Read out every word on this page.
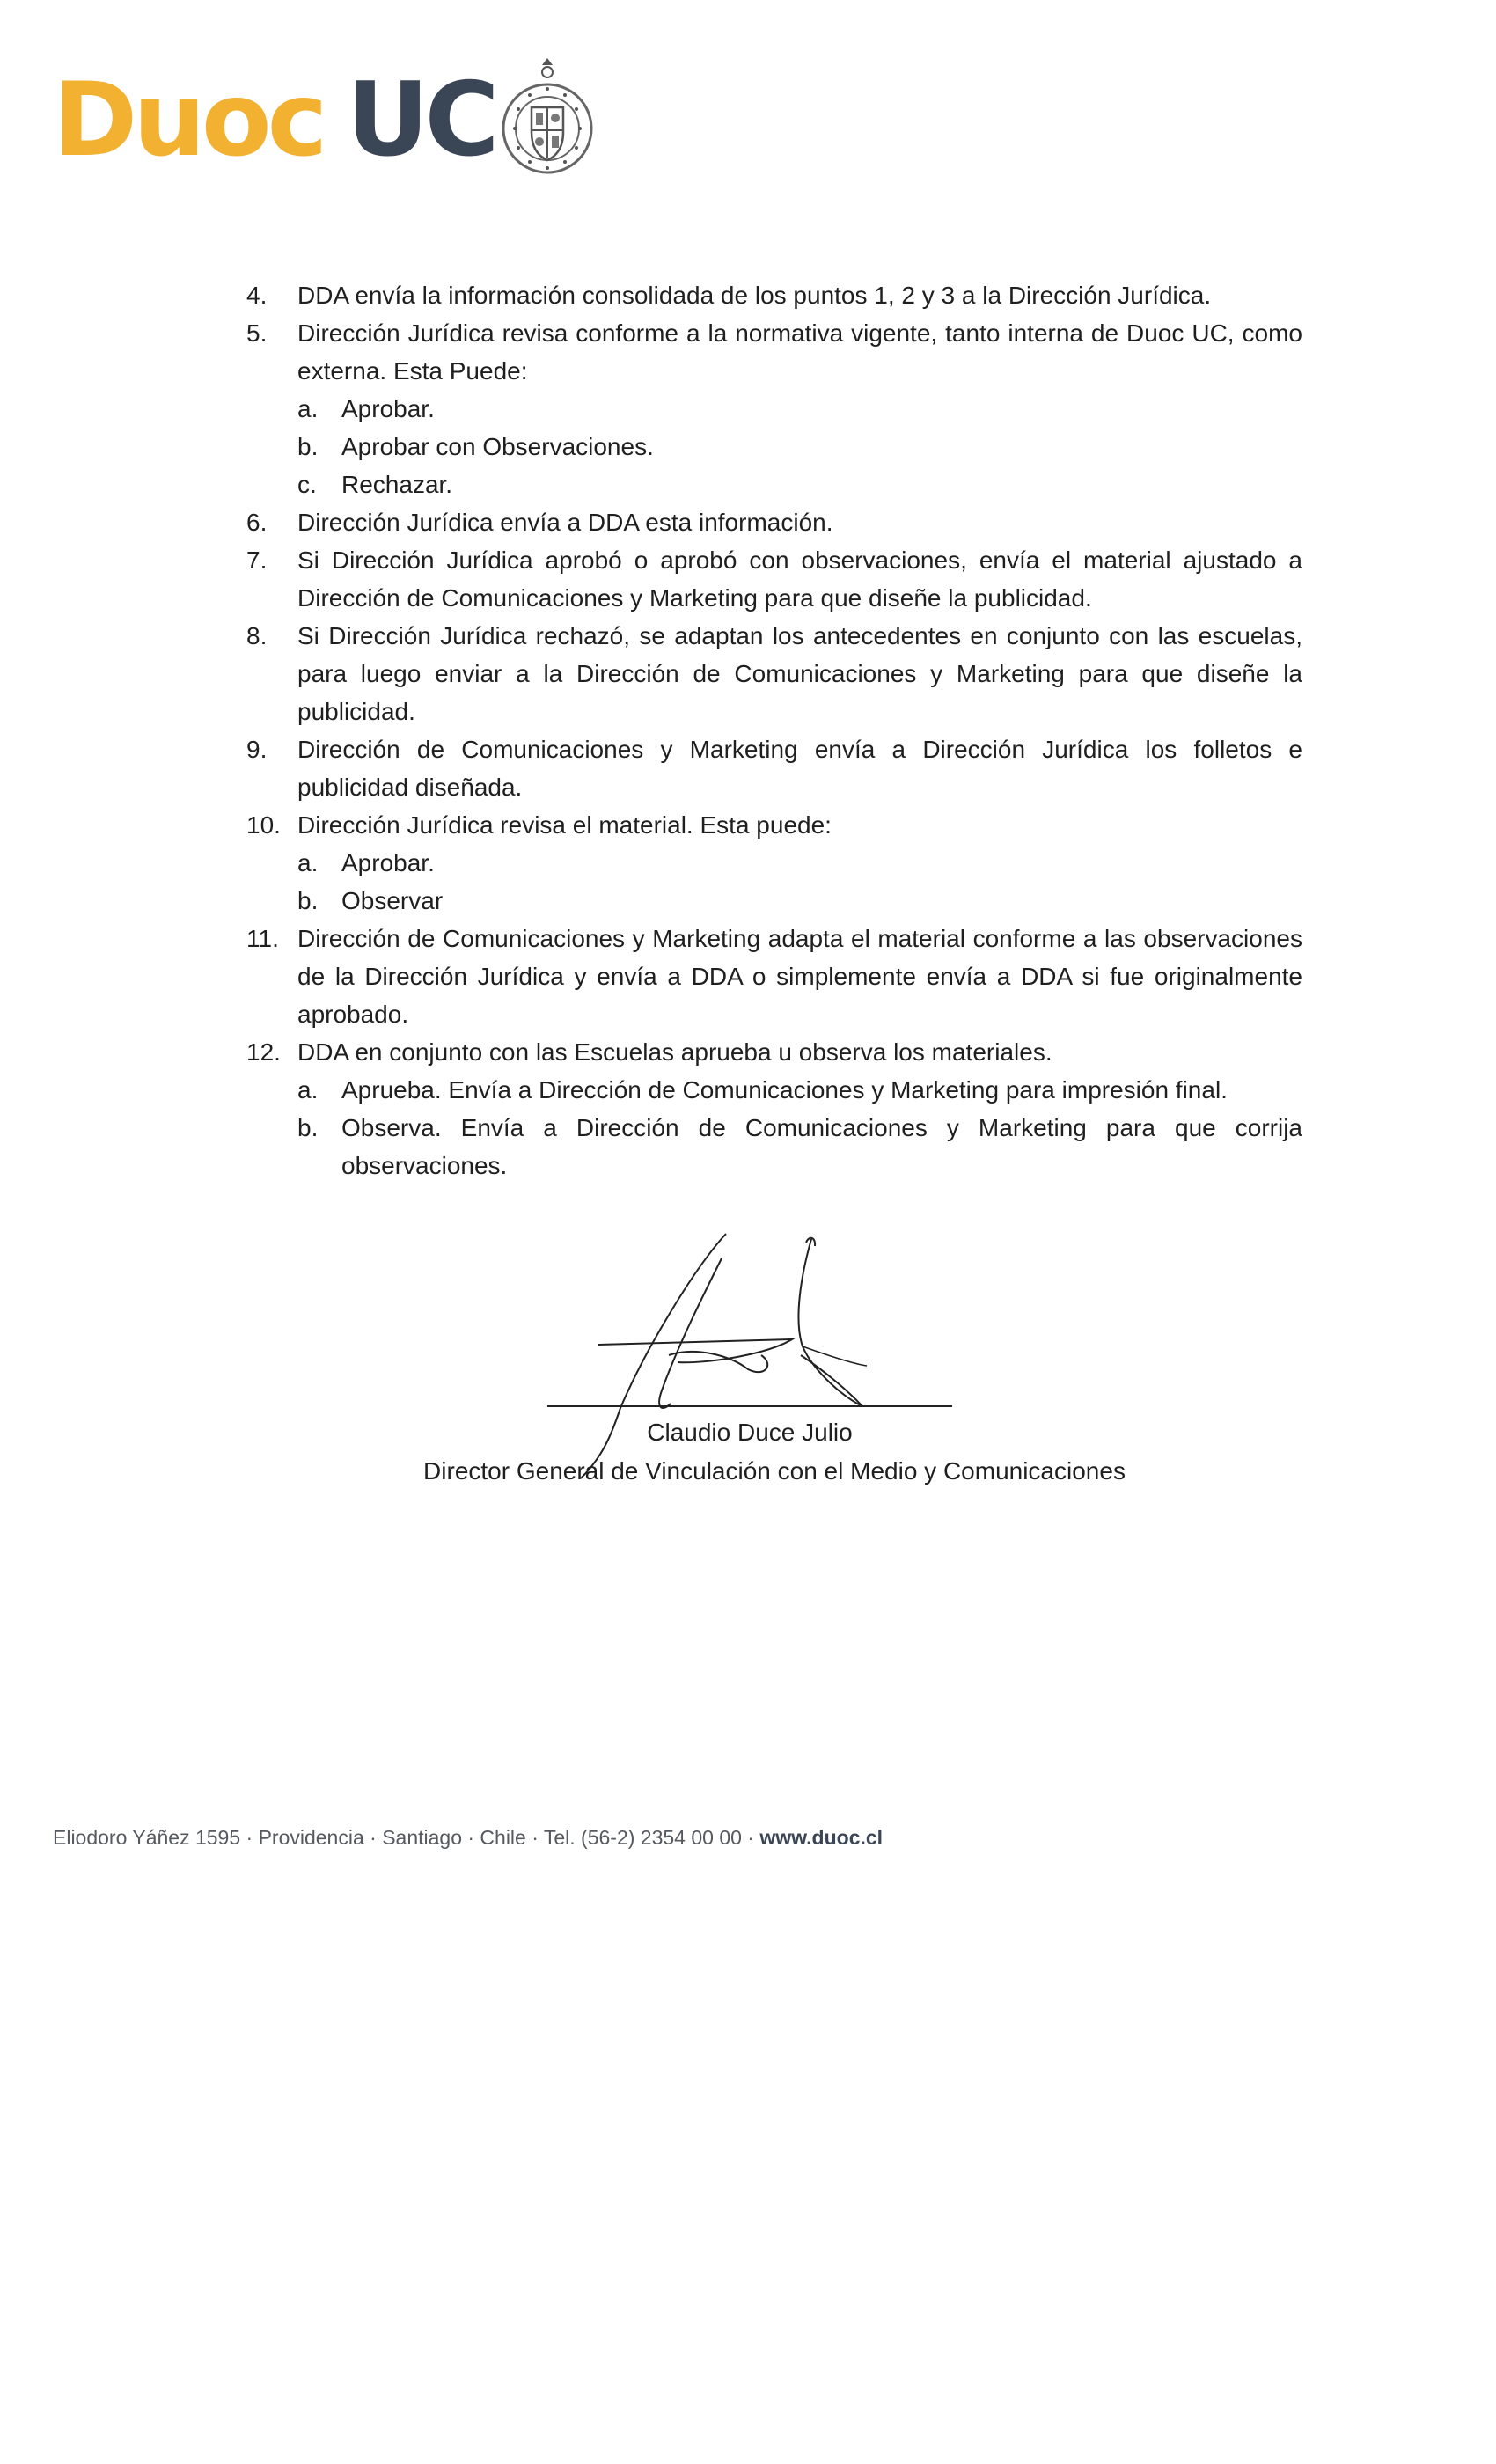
Duoc UC
4.	DDA envía la información consolidada de los puntos 1, 2 y 3 a la Dirección Jurídica.
5.	Dirección Jurídica revisa conforme a la normativa vigente, tanto interna de Duoc UC, como externa. Esta Puede:
a. Aprobar.
b. Aprobar con Observaciones.
c.	Rechazar.
6.	Dirección Jurídica envía a DDA esta información.
7.	Si Dirección Jurídica aprobó o aprobó con observaciones, envía el material ajustado a Dirección de Comunicaciones y Marketing para que diseñe la publicidad.
8.	Si Dirección Jurídica rechazó, se adaptan los antecedentes en conjunto con las escuelas, para luego enviar a la Dirección de Comunicaciones y Marketing para que diseñe la publicidad.
9.	Dirección de Comunicaciones y Marketing envía a Dirección Jurídica los folletos e publicidad diseñada.
10. Dirección Jurídica revisa el material. Esta puede:
a. Aprobar.
b. Observar
11. Dirección de Comunicaciones y Marketing adapta el material conforme a las observaciones de la Dirección Jurídica y envía a DDA o simplemente envía a DDA si fue originalmente aprobado.
12. DDA en conjunto con las Escuelas aprueba u observa los materiales.
a. Aprueba. Envía a Dirección de Comunicaciones y Marketing para impresión final.
b. Observa. Envía a Dirección de Comunicaciones y Marketing para que corrija observaciones.
Claudio Duce Julio
Director General de Vinculación con el Medio y Comunicaciones
Eliodoro Yáñez 1595 · Providencia · Santiago · Chile · Tel. (56-2) 2354 00 00 · www.duoc.cl
